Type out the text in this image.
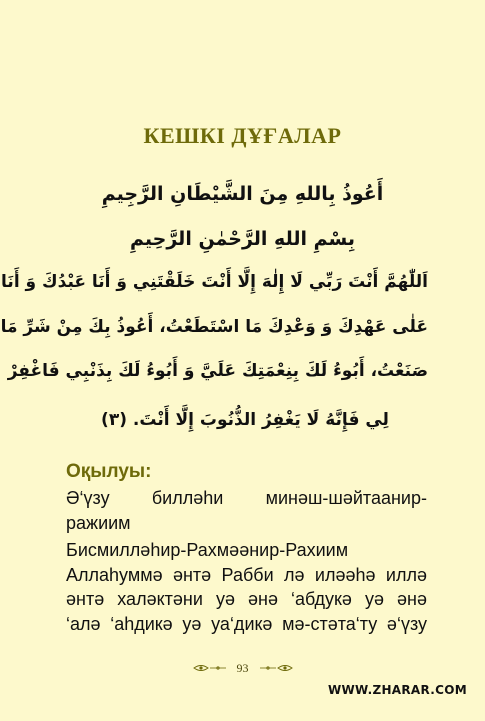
КЕШКІ ДҰҒАЛАР
أَعُوذُ بِاللهِ مِنَ الشَّيْطَانِ الرَّجِيمِ
بِسْمِ اللهِ الرَّحْمٰنِ الرَّحِيمِ
اَللّٰهُمَّ أَنْتَ رَبِّي لَا إِلٰهَ إِلَّا أَنْتَ خَلَقْتَنِي وَ أَنَا عَبْدُكَ وَ أَنَا
عَلٰى عَهْدِكَ وَ وَعْدِكَ مَا اسْتَطَعْتُ، أَعُوذُ بِكَ مِنْ شَرِّ مَا
صَنَعْتُ، أَبُوءُ لَكَ بِنِعْمَتِكَ عَلَيَّ وَ أَبُوءُ لَكَ بِذَنْبِي فَاغْفِرْ
لِي فَإِنَّهُ لَا يَغْفِرُ الذُّنُوبَ إِلَّا أَنْتَ. (٣)
Оқылуы:
Ә‘үзу биллəhи минəш-шəйтаанир-
ражиим
Бисмилләһир-Рахмəəнир-Рахиим
Аллаhуммə əнтə Рабби лə илəəhə иллə
əнтə халəктəни уə əнə ‘абдукə уə əнə
‘алə ‘аhдикə уə уа‘дикə мə-стəта‘ту ə‘үзу
93
WWW.ZHARAR.COM
